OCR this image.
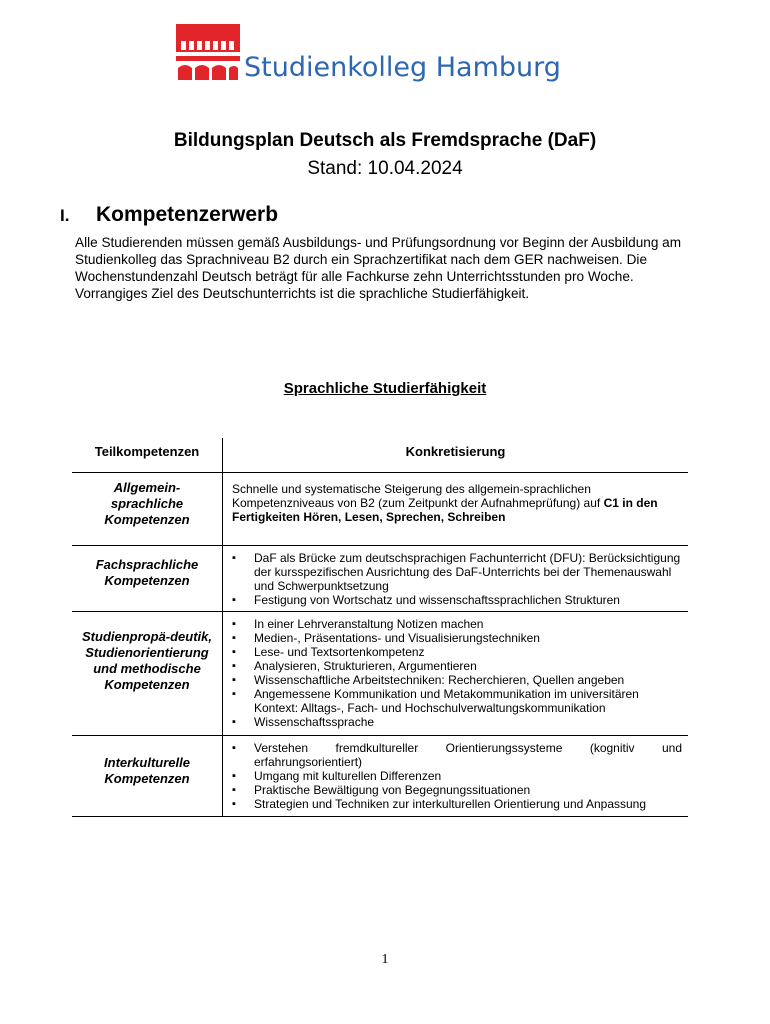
Studienkolleg Hamburg
Bildungsplan Deutsch als Fremdsprache (DaF)
Stand: 10.04.2024
I. Kompetenzerwerb

Alle Studierenden müssen gemäß Ausbildungs- und Prüfungsordnung vor Beginn der Ausbildung am Studienkolleg das Sprachniveau B2 durch ein Sprachzertifikat nach dem GER nachweisen. Die Wochenstundenzahl Deutsch beträgt für alle Fachkurse zehn Unterrichtsstunden pro Woche. Vorrangiges Ziel des Deutschunterrichts ist die sprachliche Studierfähigkeit.

Sprachliche Studierfähigkeit
Teilkompetenzen	Konkretisierung
Allgemein-sprachliche Kompetenzen

Schnelle und systematische Steigerung des allgemein-sprachlichen Kompetenzniveaus von B2 (zum Zeitpunkt der Aufnahmeprüfung) auf C1 in den Fertigkeiten Hören, Lesen, Sprechen, Schreiben

Fachsprachliche Kompetenzen
▪ DaF als Brücke zum deutschsprachigen Fachunterricht (DFU): Berücksichtigung der kursspezifischen Ausrichtung des DaF-Unterrichts bei der Themenauswahl und Schwerpunktsetzung
▪ Festigung von Wortschatz und wissenschaftssprachlichen Strukturen
Studienpropä-deutik, Studienorientierung und methodische Kompetenzen
▪ In einer Lehrveranstaltung Notizen machen
▪ Medien-, Präsentations- und Visualisierungstechniken
▪ Lese- und Textsortenkompetenz
▪ Analysieren, Strukturieren, Argumentieren
▪ Wissenschaftliche Arbeitstechniken: Recherchieren, Quellen angeben
▪ Angemessene Kommunikation und Metakommunikation im universitären Kontext: Alltags-, Fach- und Hochschulverwaltungskommunikation
▪ Wissenschaftssprache
Interkulturelle Kompetenzen
▪ Verstehen fremdkultureller Orientierungssysteme (kognitiv und erfahrungsorientiert)
▪ Umgang mit kulturellen Differenzen
▪ Praktische Bewältigung von Begegnungssituationen
▪ Strategien und Techniken zur interkulturellen Orientierung und Anpassung
1
